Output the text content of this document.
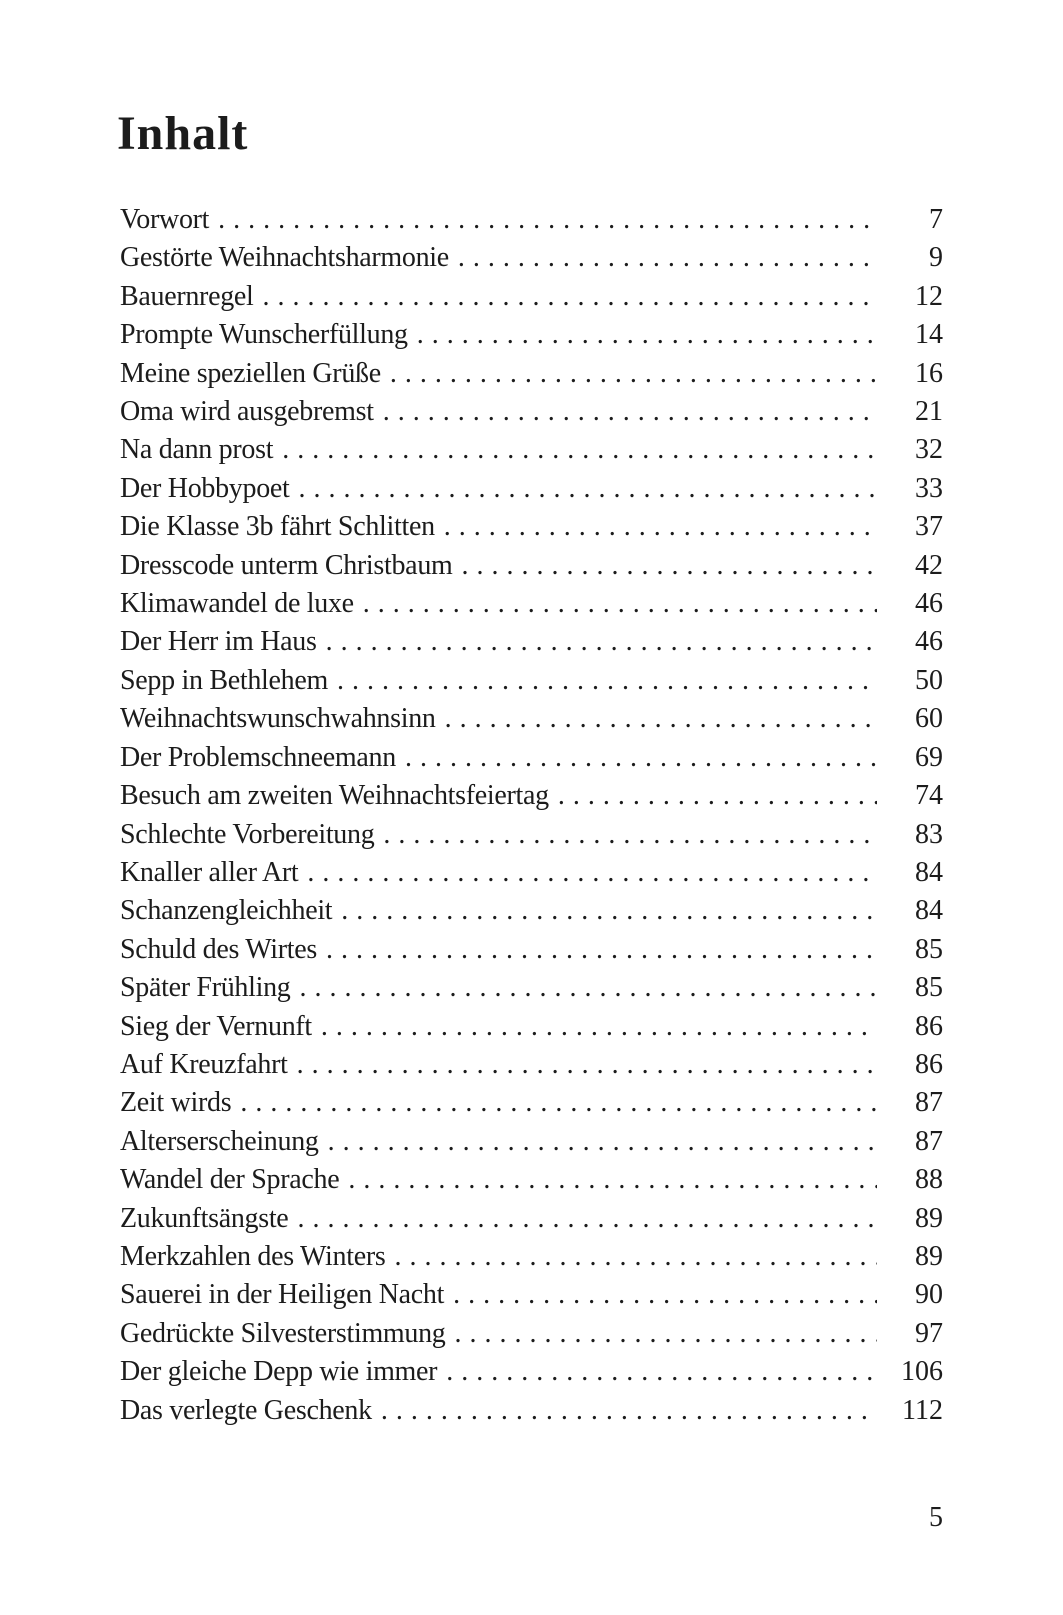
Inhalt
Vorwort . . .	7
Gestörte Weihnachtsharmonie . . .	9
Bauernregel . . .	12
Prompte Wunscherfüllung . . .	14
Meine speziellen Grüße . . .	16
Oma wird ausgebremst . . .	21
Na dann prost . . .	32
Der Hobbypoet . . .	33
Die Klasse 3b fährt Schlitten . . .	37
Dresscode unterm Christbaum . . .	42
Klimawandel de luxe . . .	46
Der Herr im Haus . . .	46
Sepp in Bethlehem . . .	50
Weihnachtswunschwahnsinn . . .	60
Der Problemschneemann . . .	69
Besuch am zweiten Weihnachtsfeiertag . . .	74
Schlechte Vorbereitung . . .	83
Knaller aller Art . . .	84
Schanzengleichheit . . .	84
Schuld des Wirtes . . .	85
Später Frühling . . .	85
Sieg der Vernunft . . .	86
Auf Kreuzfahrt . . .	86
Zeit wirds . . .	87
Alterserscheinung . . .	87
Wandel der Sprache . . .	88
Zukunftsängste . . .	89
Merkzahlen des Winters . . .	89
Sauerei in der Heiligen Nacht . . .	90
Gedrückte Silvesterstimmung . . .	97
Der gleiche Depp wie immer . . .	106
Das verlegte Geschenk . . .	112
5
